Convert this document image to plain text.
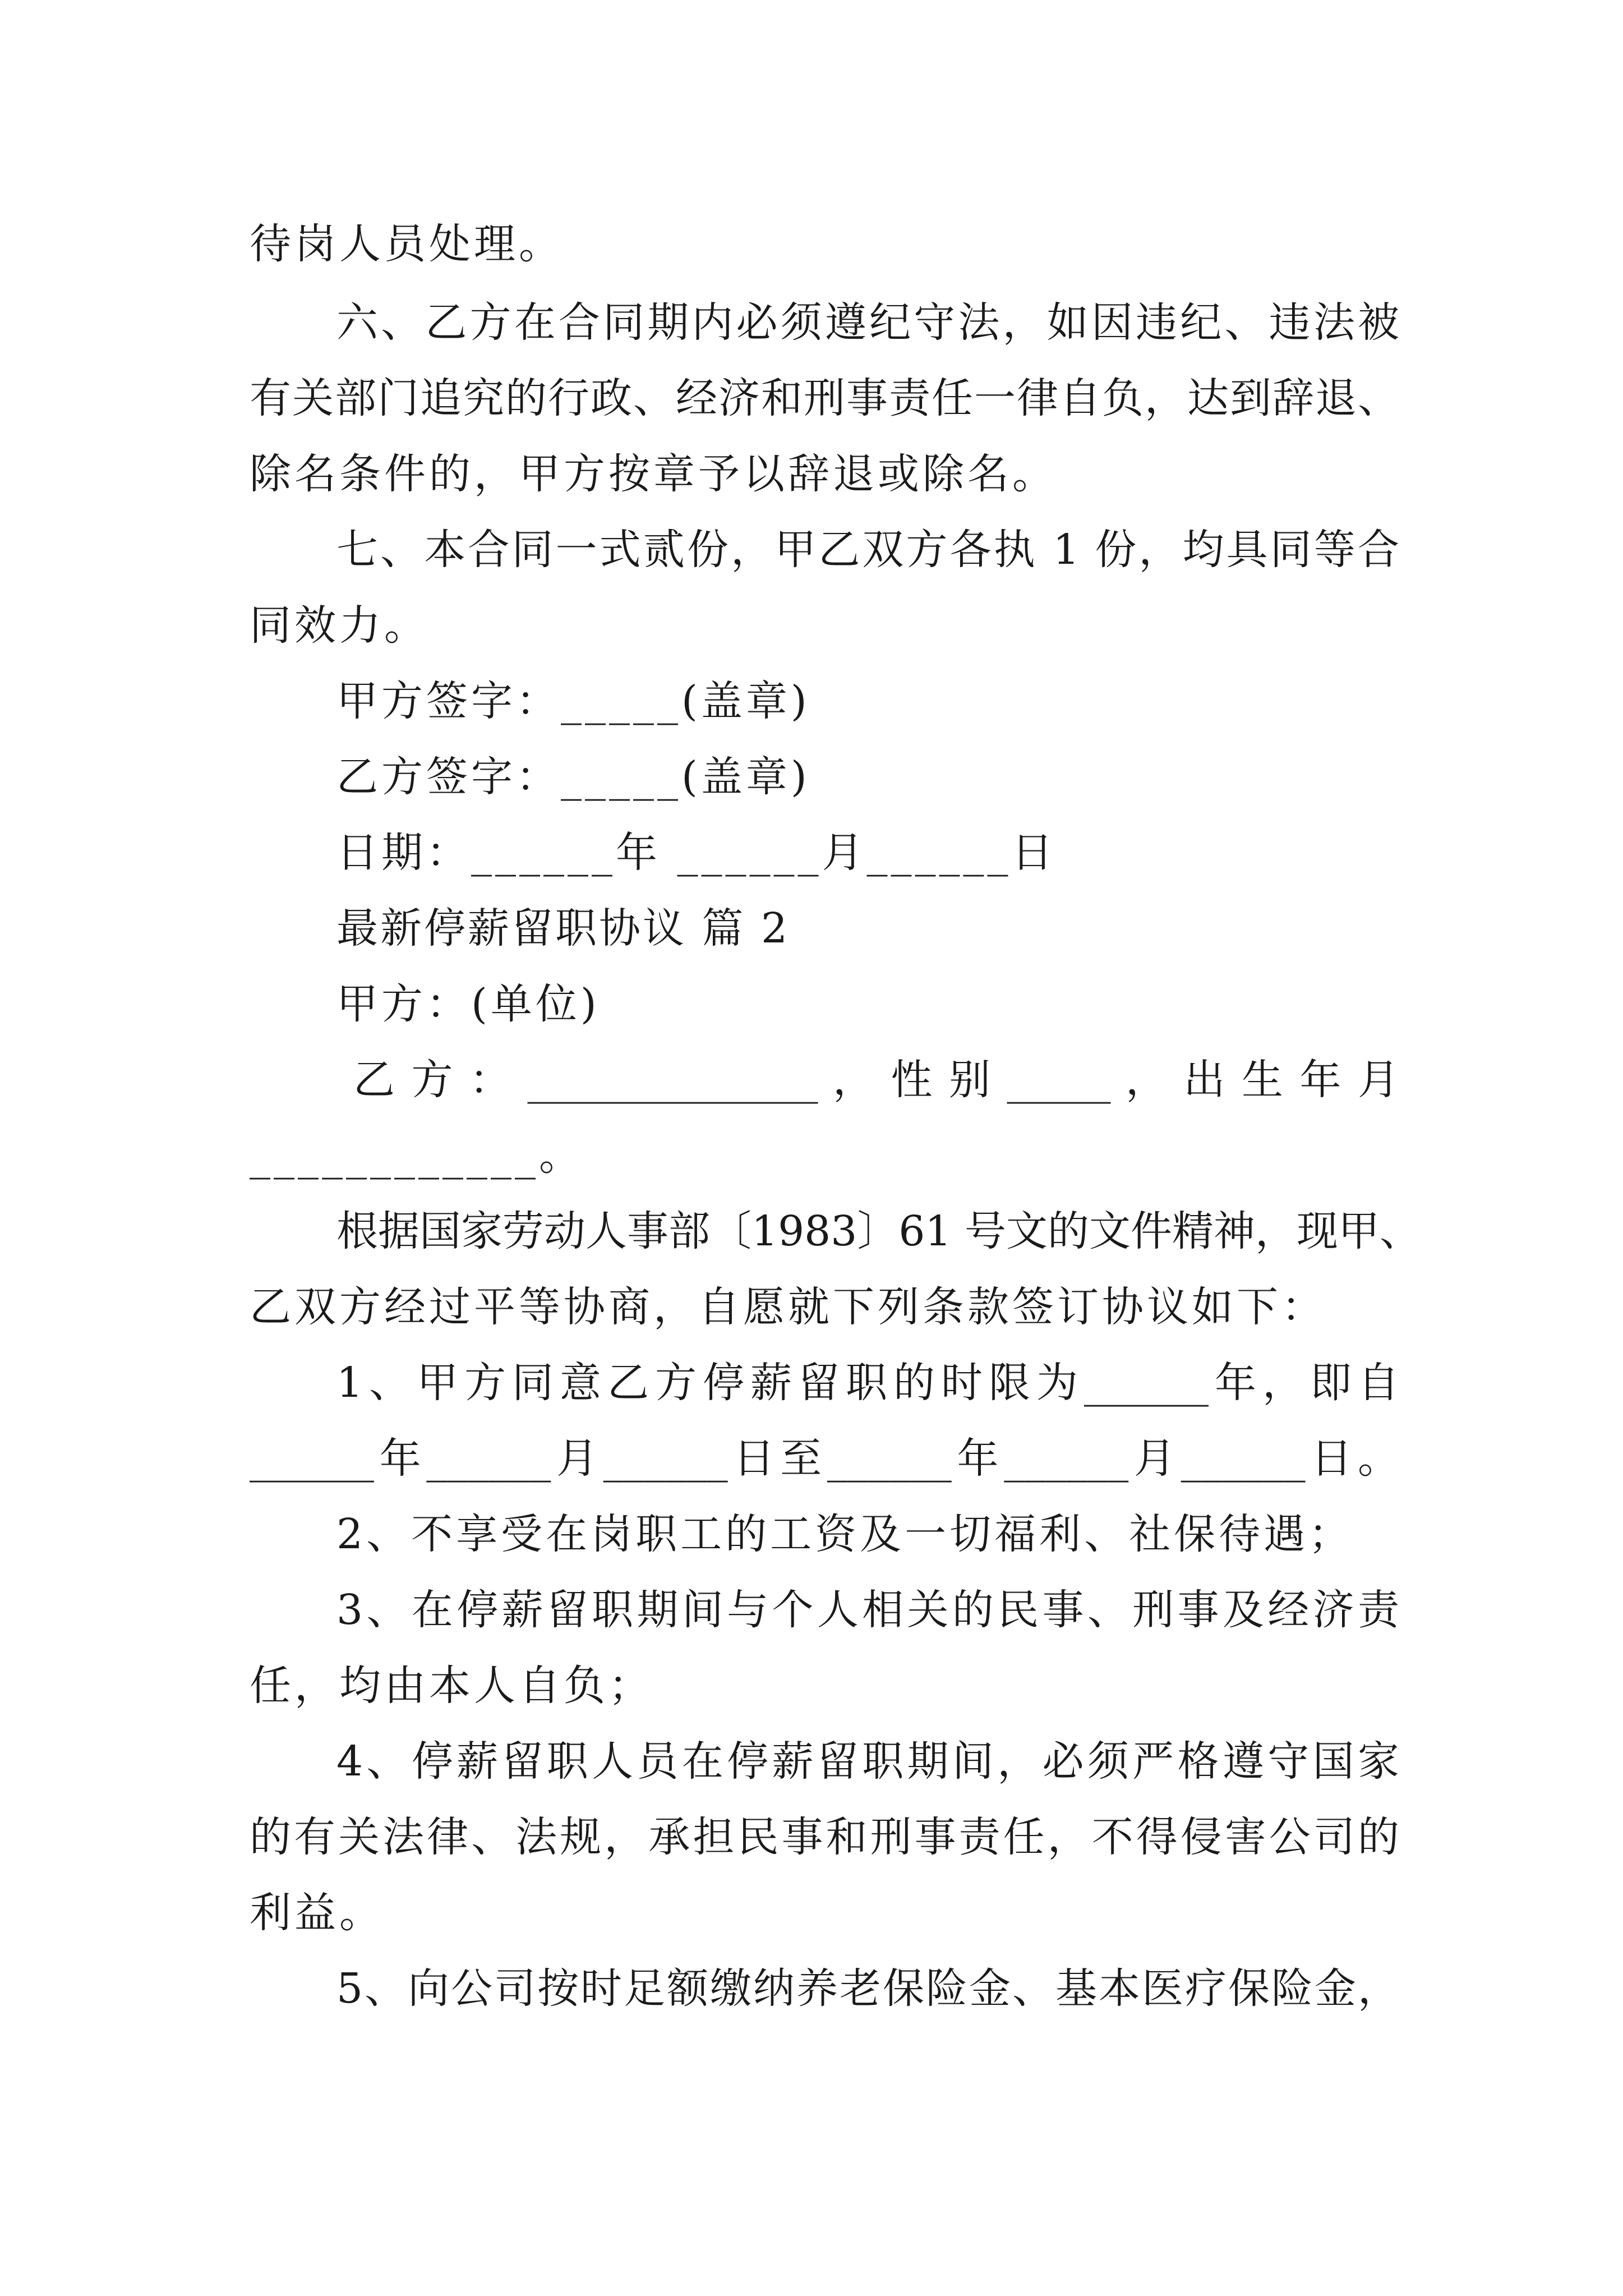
待岗人员处理。
六、乙方在合同期内必须遵纪守法，如因违纪、违法被
有关部门追究的行政、经济和刑事责任一律自负，达到辞退、
除名条件的，甲方按章予以辞退或除名。
七、本合同一式贰份，甲乙双方各执 1 份，均具同等合
同效力。
甲方签字：_____(盖章)
乙方签字：_____(盖章)
日期：______年 ______月______日
最新停薪留职协议 篇 2
甲方：(单位)
乙 方 ： ______________ ， 性 别 _____ ， 出 生 年 月
____________。
根据国家劳动人事部〔1983〕61 号文的文件精神，现甲、
乙双方经过平等协商，自愿就下列条款签订协议如下：
1、甲方同意乙方停薪留职的时限为______年，即自
______年______月______日至______年______月______日。
2、不享受在岗职工的工资及一切福利、社保待遇；
3、在停薪留职期间与个人相关的民事、刑事及经济责
任，均由本人自负；
4、停薪留职人员在停薪留职期间，必须严格遵守国家
的有关法律、法规，承担民事和刑事责任，不得侵害公司的
利益。
5、向公司按时足额缴纳养老保险金、基本医疗保险金，
